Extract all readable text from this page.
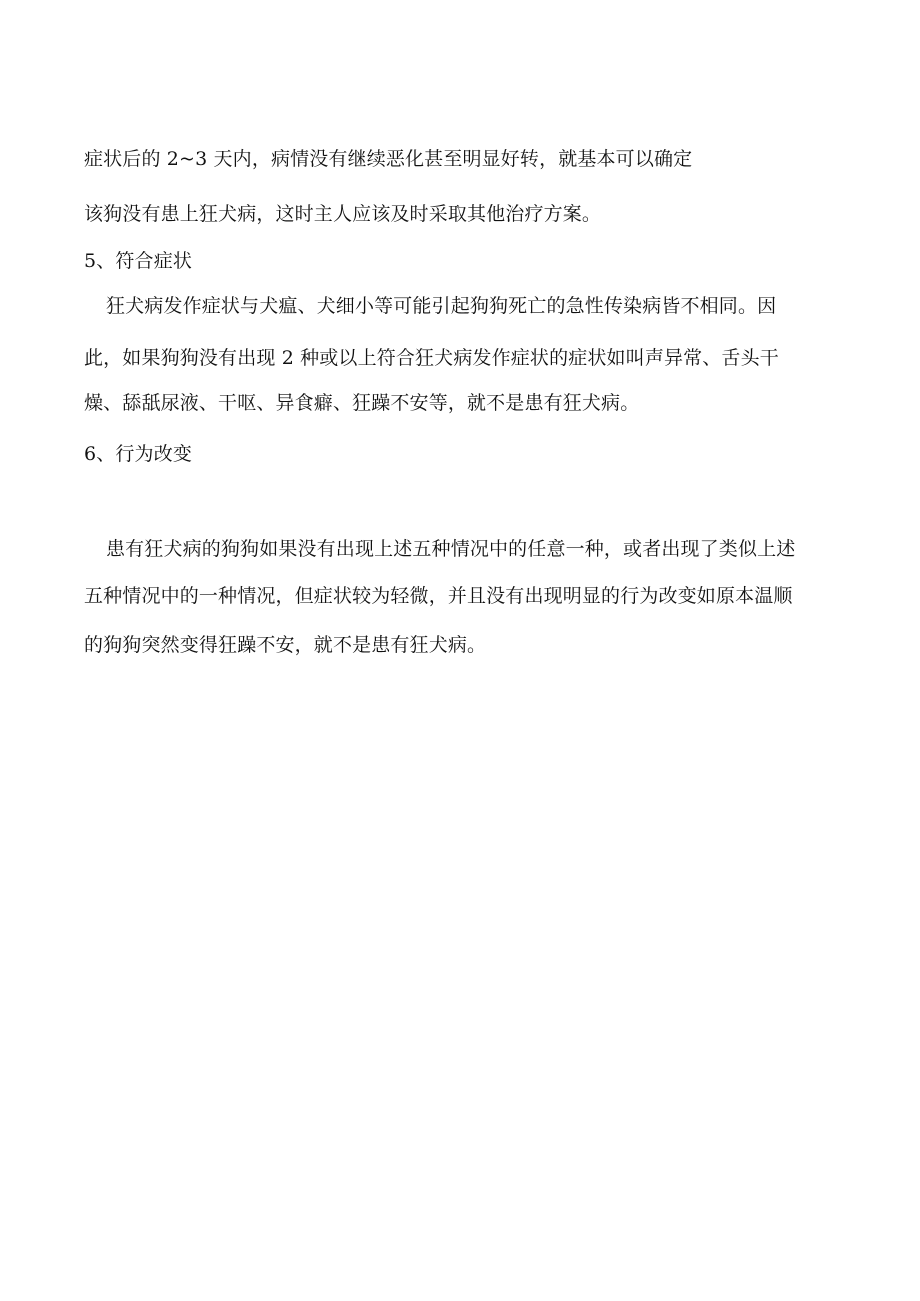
症状后的 2~3 天内，病情没有继续恶化甚至明显好转，就基本可以确定
该狗没有患上狂犬病，这时主人应该及时采取其他治疗方案。
5、符合症状
狂犬病发作症状与犬瘟、犬细小等可能引起狗狗死亡的急性传染病皆不相同。因
此，如果狗狗没有出现 2 种或以上符合狂犬病发作症状的症状如叫声异常、舌头干
燥、舔舐尿液、干呕、异食癖、狂躁不安等，就不是患有狂犬病。
6、行为改变
患有狂犬病的狗狗如果没有出现上述五种情况中的任意一种，或者出现了类似上述
五种情况中的一种情况，但症状较为轻微，并且没有出现明显的行为改变如原本温顺
的狗狗突然变得狂躁不安，就不是患有狂犬病。
